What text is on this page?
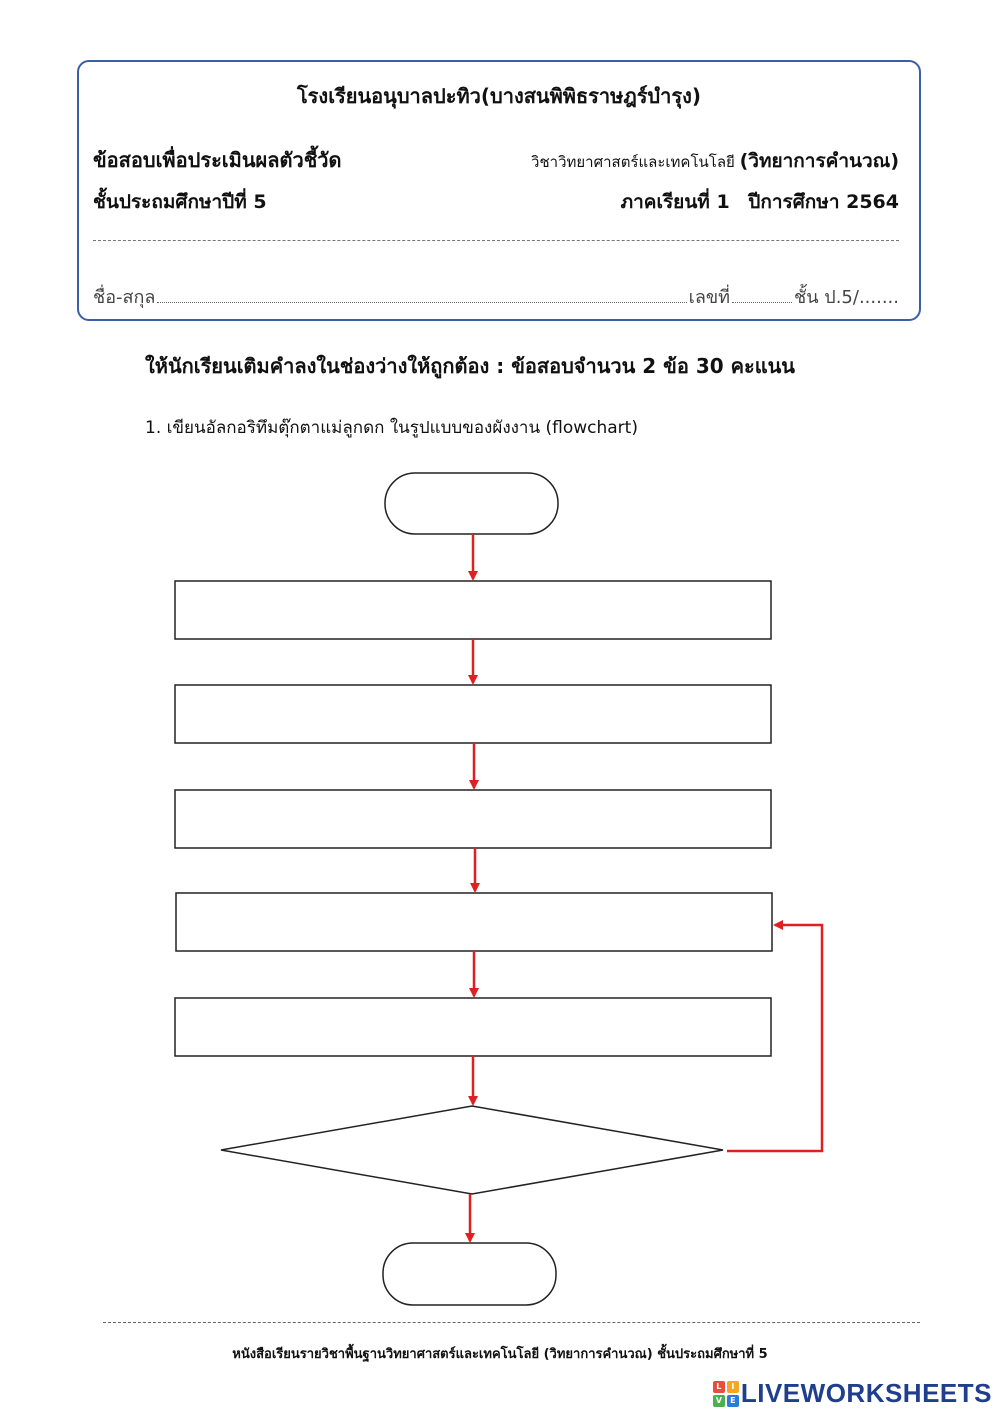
โรงเรียนอนุบาลปะทิว(บางสนพิพิธราษฎร์บำรุง)
ข้อสอบเพื่อประเมินผลตัวชี้วัด	วิชาวิทยาศาสตร์และเทคโนโลยี (วิทยาการคำนวณ)
ชั้นประถมศึกษาปีที่ 5	ภาคเรียนที่ 1 ปีการศึกษา 2564
ชื่อ-สกุล	เลขที่	ชั้น ป.5/.......
ให้นักเรียนเติมคำลงในช่องว่างให้ถูกต้อง : ข้อสอบจำนวน 2 ข้อ 30 คะแนน
1. เขียนอัลกอริทึมตุ๊กตาแม่ลูกดก ในรูปแบบของผังงาน (flowchart)
หนังสือเรียนรายวิชาพื้นฐานวิทยาศาสตร์และเทคโนโลยี (วิทยาการคำนวณ) ชั้นประถมศึกษาที่ 5
L	I
V	E LIVEWORKSHEETS
